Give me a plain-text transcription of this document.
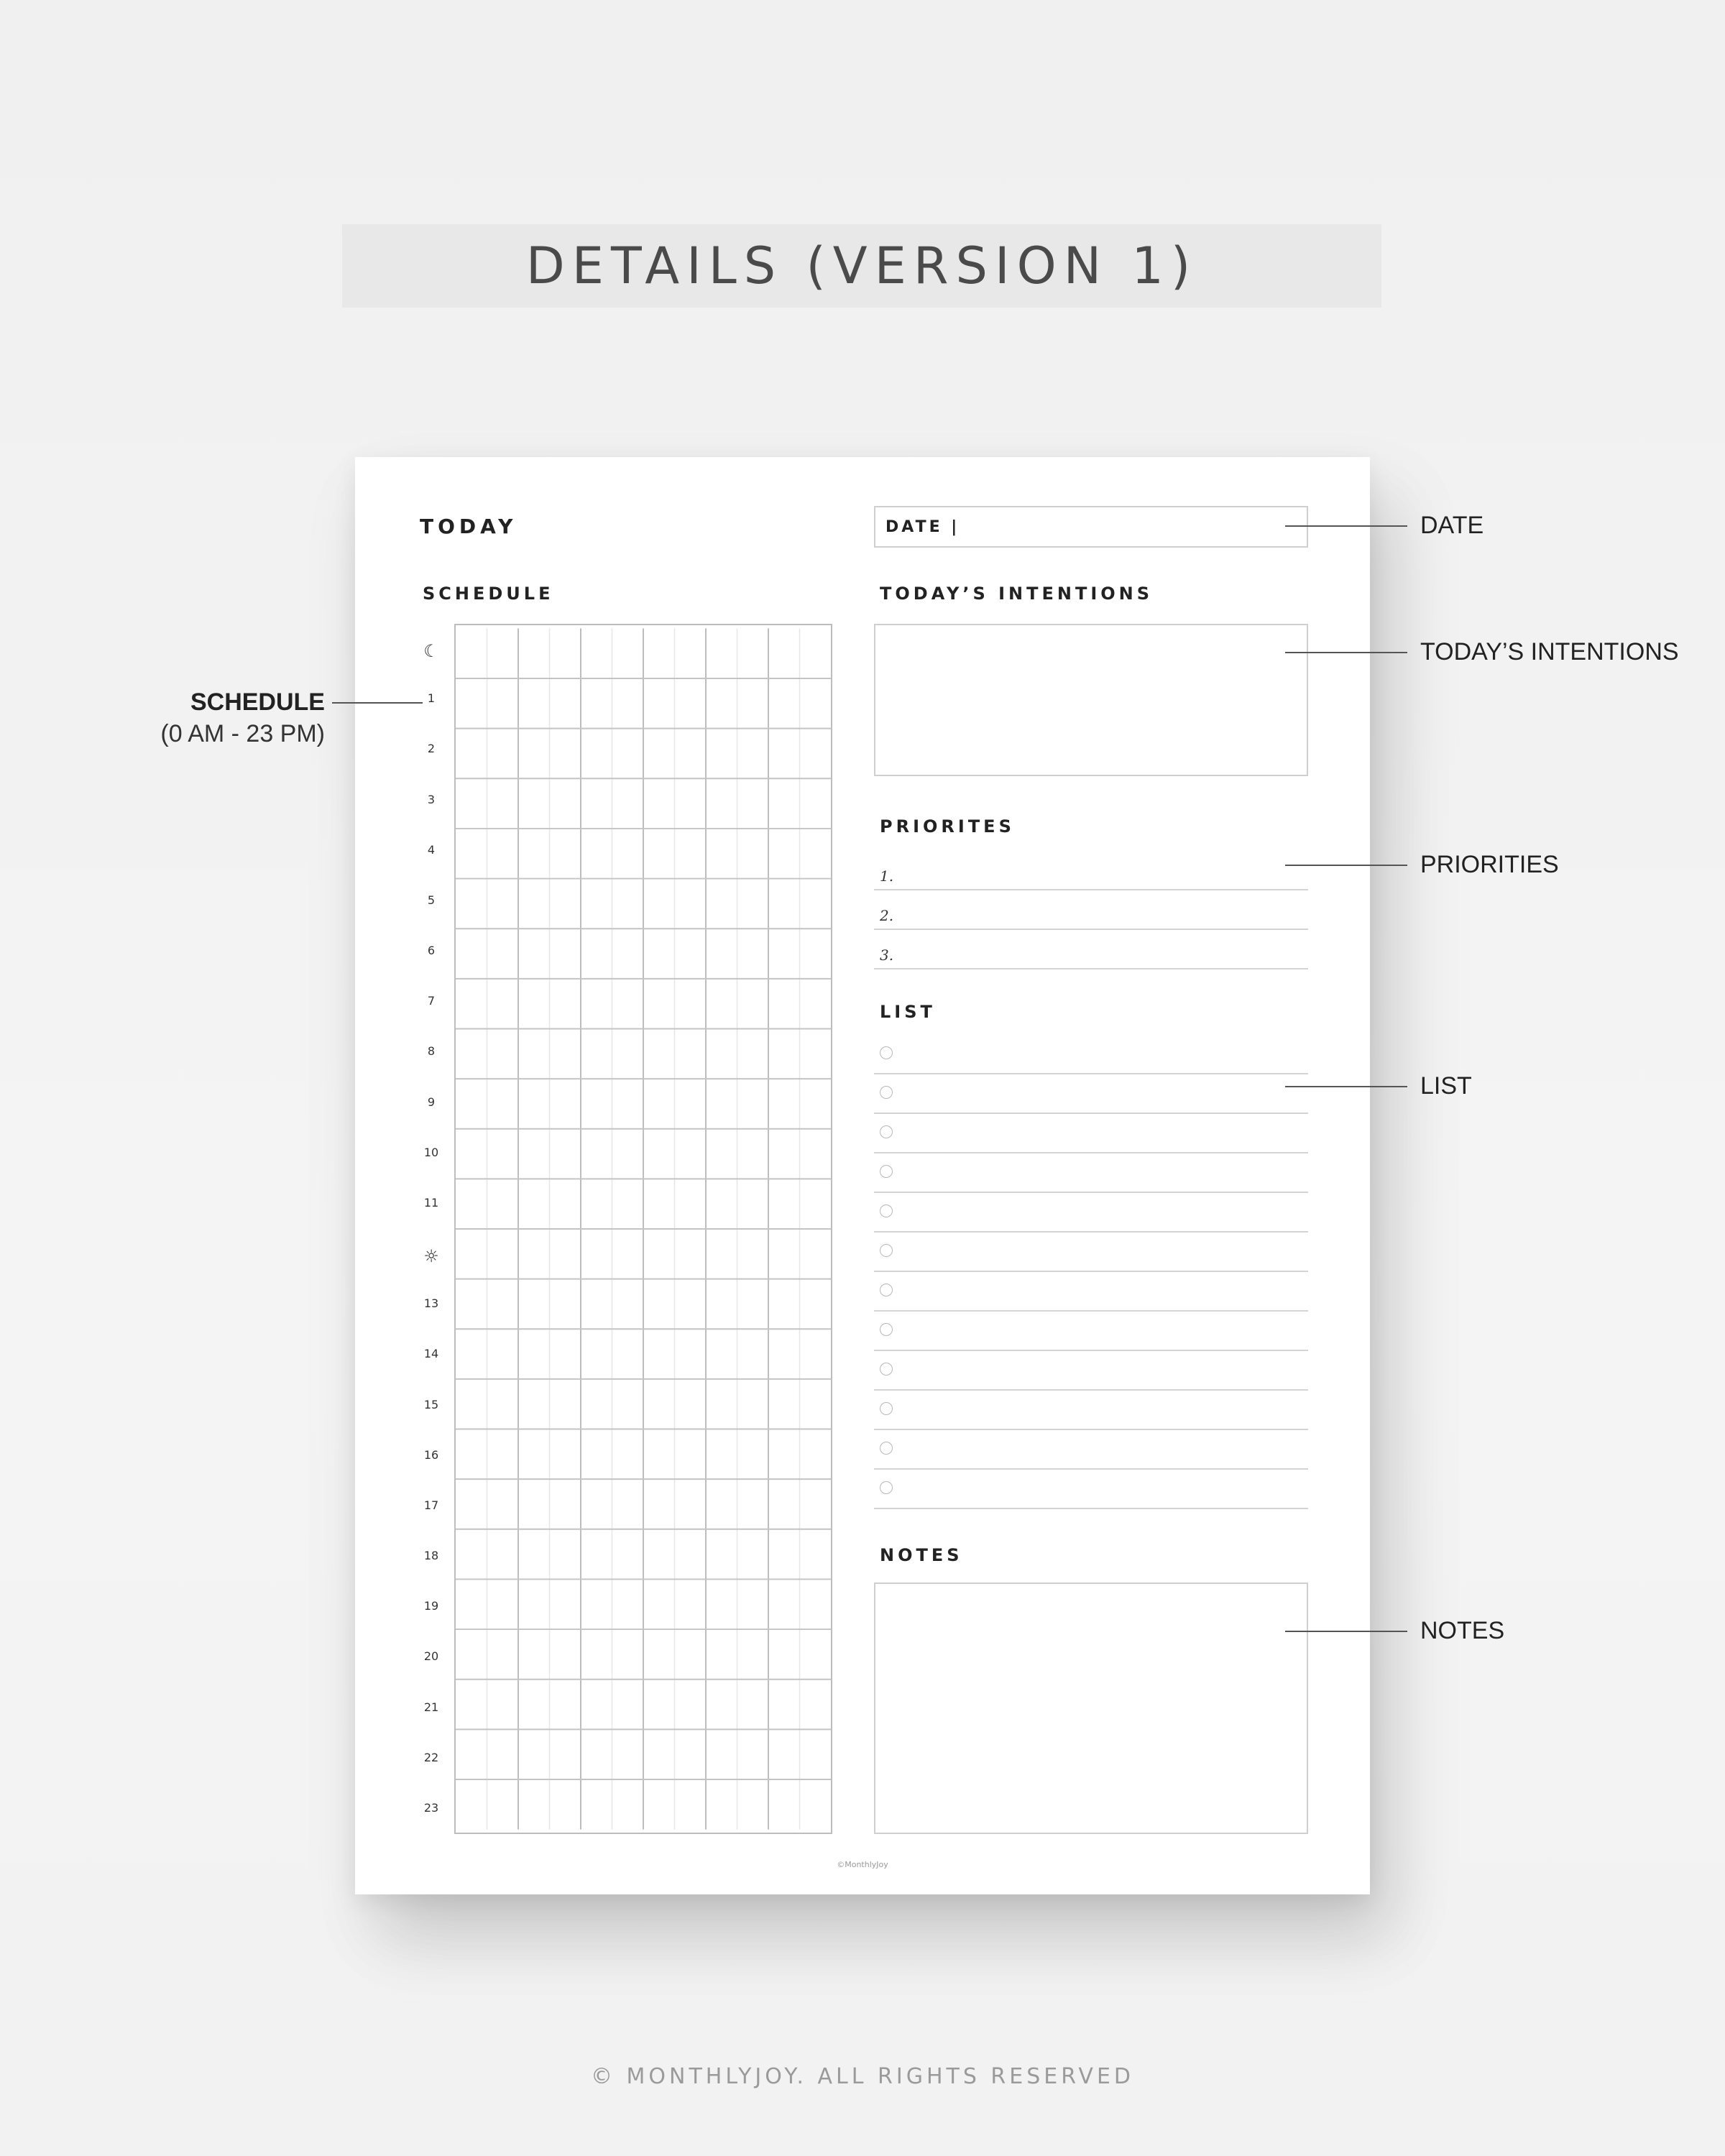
DETAILS (VERSION 1)
TODAY	DATE |
SCHEDULE	TODAY’S INTENTIONS
☾
1
2
3
4
5
6
7
8
9
10
11
☼
13
14
15
16
17
18
19
20
21
22
23
PRIORITES
1.
2.
3.
LIST
NOTES
©MonthlyJoy
SCHEDULE
(0 AM - 23 PM)
DATE
TODAY’S INTENTIONS
PRIORITIES
LIST
NOTES
© MONTHLYJOY. ALL RIGHTS RESERVED
